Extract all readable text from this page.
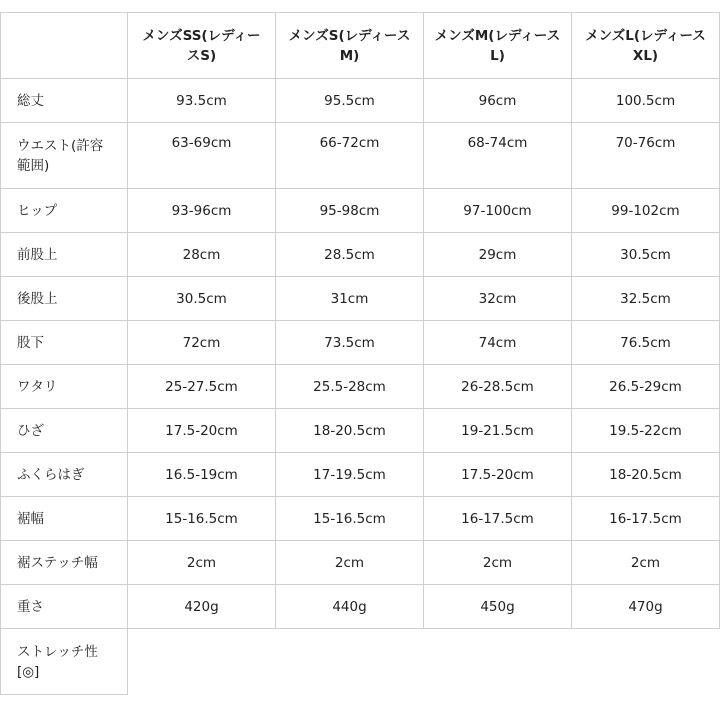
	メンズSS(レディースS)	メンズS(レディースM)	メンズM(レディースL)	メンズL(レディースXL)

総丈	93.5cm	95.5cm	96cm	100.5cm

ウエスト(許容範囲)	63-69cm	66-72cm	68-74cm	70-76cm

ヒップ	93-96cm	95-98cm	97-100cm	99-102cm

前股上	28cm	28.5cm	29cm	30.5cm

後股上	30.5cm	31cm	32cm	32.5cm

股下	72cm	73.5cm	74cm	76.5cm

ワタリ	25-27.5cm	25.5-28cm	26-28.5cm	26.5-29cm

ひざ	17.5-20cm	18-20.5cm	19-21.5cm	19.5-22cm

ふくらはぎ	16.5-19cm	17-19.5cm	17.5-20cm	18-20.5cm

裾幅	15-16.5cm	15-16.5cm	16-17.5cm	16-17.5cm

裾ステッチ幅	2cm	2cm	2cm	2cm

重さ	420g	440g	450g	470g

ストレッチ性[◎]				
